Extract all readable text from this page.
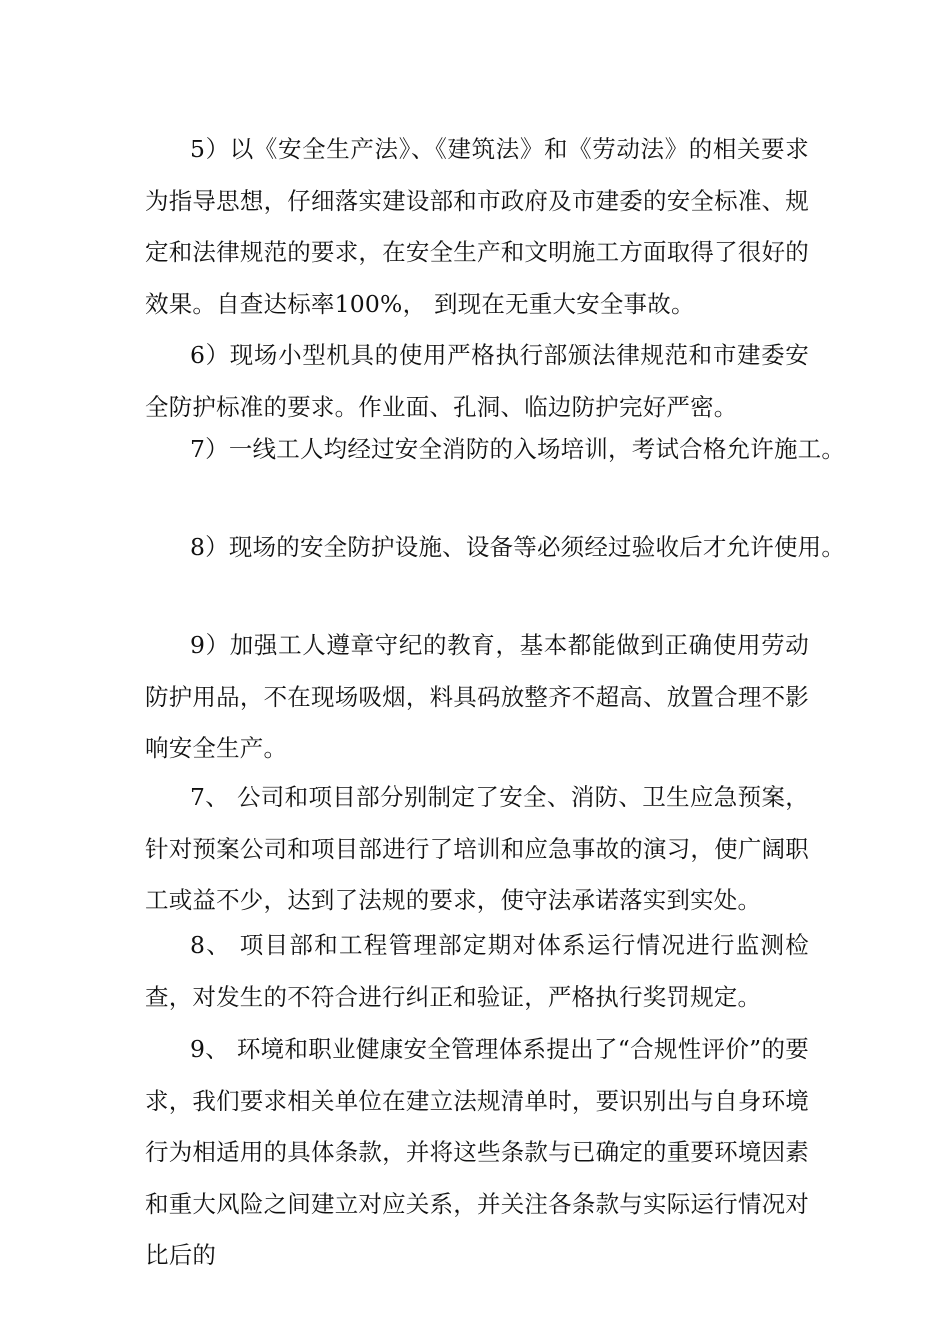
5）以《安全生产法》、《建筑法》和《劳动法》的相关要求为指导思想，仔细落实建设部和市政府及市建委的安全标准、规定和法律规范的要求，在安全生产和文明施工方面取得了很好的效果。自查达标率100%， 到现在无重大安全事故。

6）现场小型机具的使用严格执行部颁法律规范和市建委安全防护标准的要求。作业面、孔洞、临边防护完好严密。

7）一线工人均经过安全消防的入场培训，考试合格允许施工。

8）现场的安全防护设施、设备等必须经过验收后才允许使用。

9）加强工人遵章守纪的教育，基本都能做到正确使用劳动防护用品，不在现场吸烟，料具码放整齐不超高、放置合理不影响安全生产。

7、 公司和项目部分别制定了安全、消防、卫生应急预案，针对预案公司和项目部进行了培训和应急事故的演习，使广阔职工或益不少，达到了法规的要求，使守法承诺落实到实处。

8、 项目部和工程管理部定期对体系运行情况进行监测检查，对发生的不符合进行纠正和验证，严格执行奖罚规定。

9、 环境和职业健康安全管理体系提出了“合规性评价”的要求，我们要求相关单位在建立法规清单时，要识别出与自身环境行为相适用的具体条款，并将这些条款与已确定的重要环境因素和重大风险之间建立对应关系，并关注各条款与实际运行情况对比后的
